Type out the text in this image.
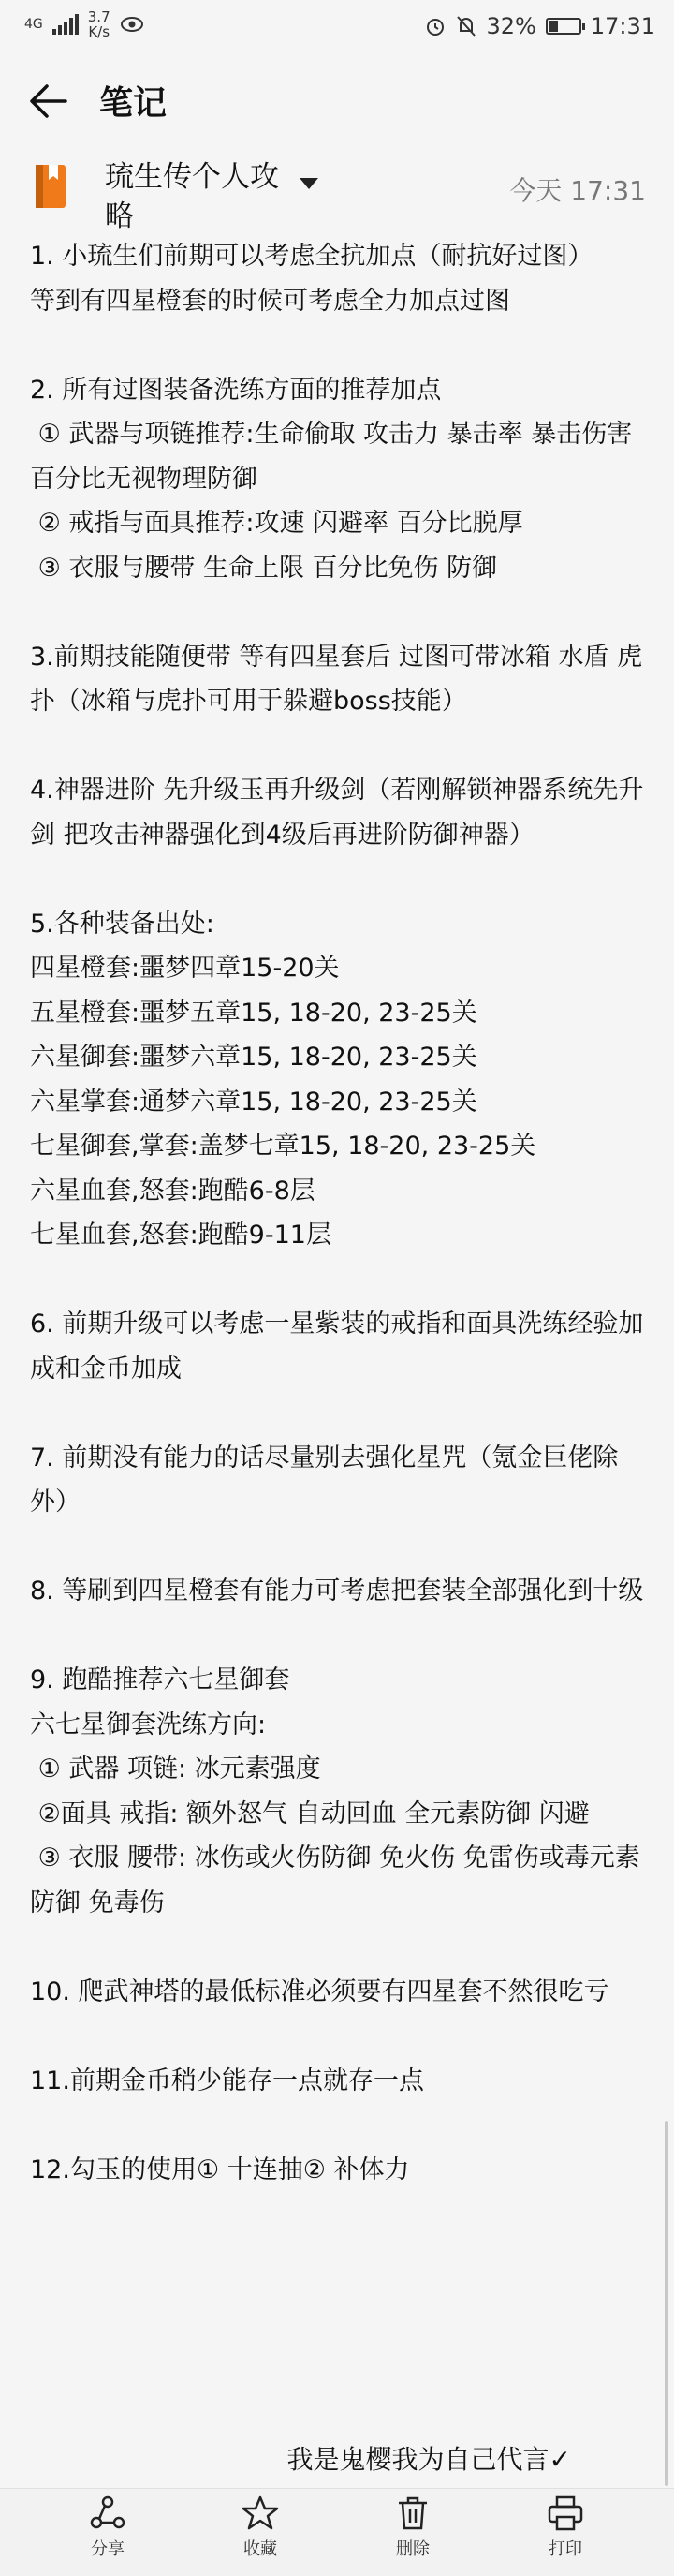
4G	3.7
K/s	32% 17:31
笔记
琉生传个人攻
略
今天 17:31
1. 小琉生们前期可以考虑全抗加点（耐抗好过图）
等到有四星橙套的时候可考虑全力加点过图
2. 所有过图装备洗练方面的推荐加点
① 武器与项链推荐:生命偷取 攻击力 暴击率 暴击伤害 百分比无视物理防御
② 戒指与面具推荐:攻速 闪避率 百分比脱厚
③ 衣服与腰带 生命上限 百分比免伤 防御
3.前期技能随便带 等有四星套后 过图可带冰箱 水盾 虎扑（冰箱与虎扑可用于躲避boss技能）
4.神器进阶 先升级玉再升级剑（若刚解锁神器系统先升剑 把攻击神器强化到4级后再进阶防御神器）
5.各种装备出处:
四星橙套:噩梦四章15-20关
五星橙套:噩梦五章15, 18-20, 23-25关
六星御套:噩梦六章15, 18-20, 23-25关
六星掌套:通梦六章15, 18-20, 23-25关
七星御套,掌套:盖梦七章15, 18-20, 23-25关
六星血套,怒套:跑酷6-8层
七星血套,怒套:跑酷9-11层
6. 前期升级可以考虑一星紫装的戒指和面具洗练经验加成和金币加成
7. 前期没有能力的话尽量别去强化星咒（氪金巨佬除外）
8. 等刷到四星橙套有能力可考虑把套装全部强化到十级
9. 跑酷推荐六七星御套
六七星御套洗练方向:
① 武器 项链: 冰元素强度
②面具 戒指: 额外怒气 自动回血 全元素防御 闪避
③ 衣服 腰带: 冰伤或火伤防御 免火伤 免雷伤或毒元素防御 免毒伤
10. 爬武神塔的最低标准必须要有四星套不然很吃亏
11.前期金币稍少能存一点就存一点
12.勾玉的使用① 十连抽② 补体力
我是鬼樱我为自己代言✓
分享	收藏	删除	打印
